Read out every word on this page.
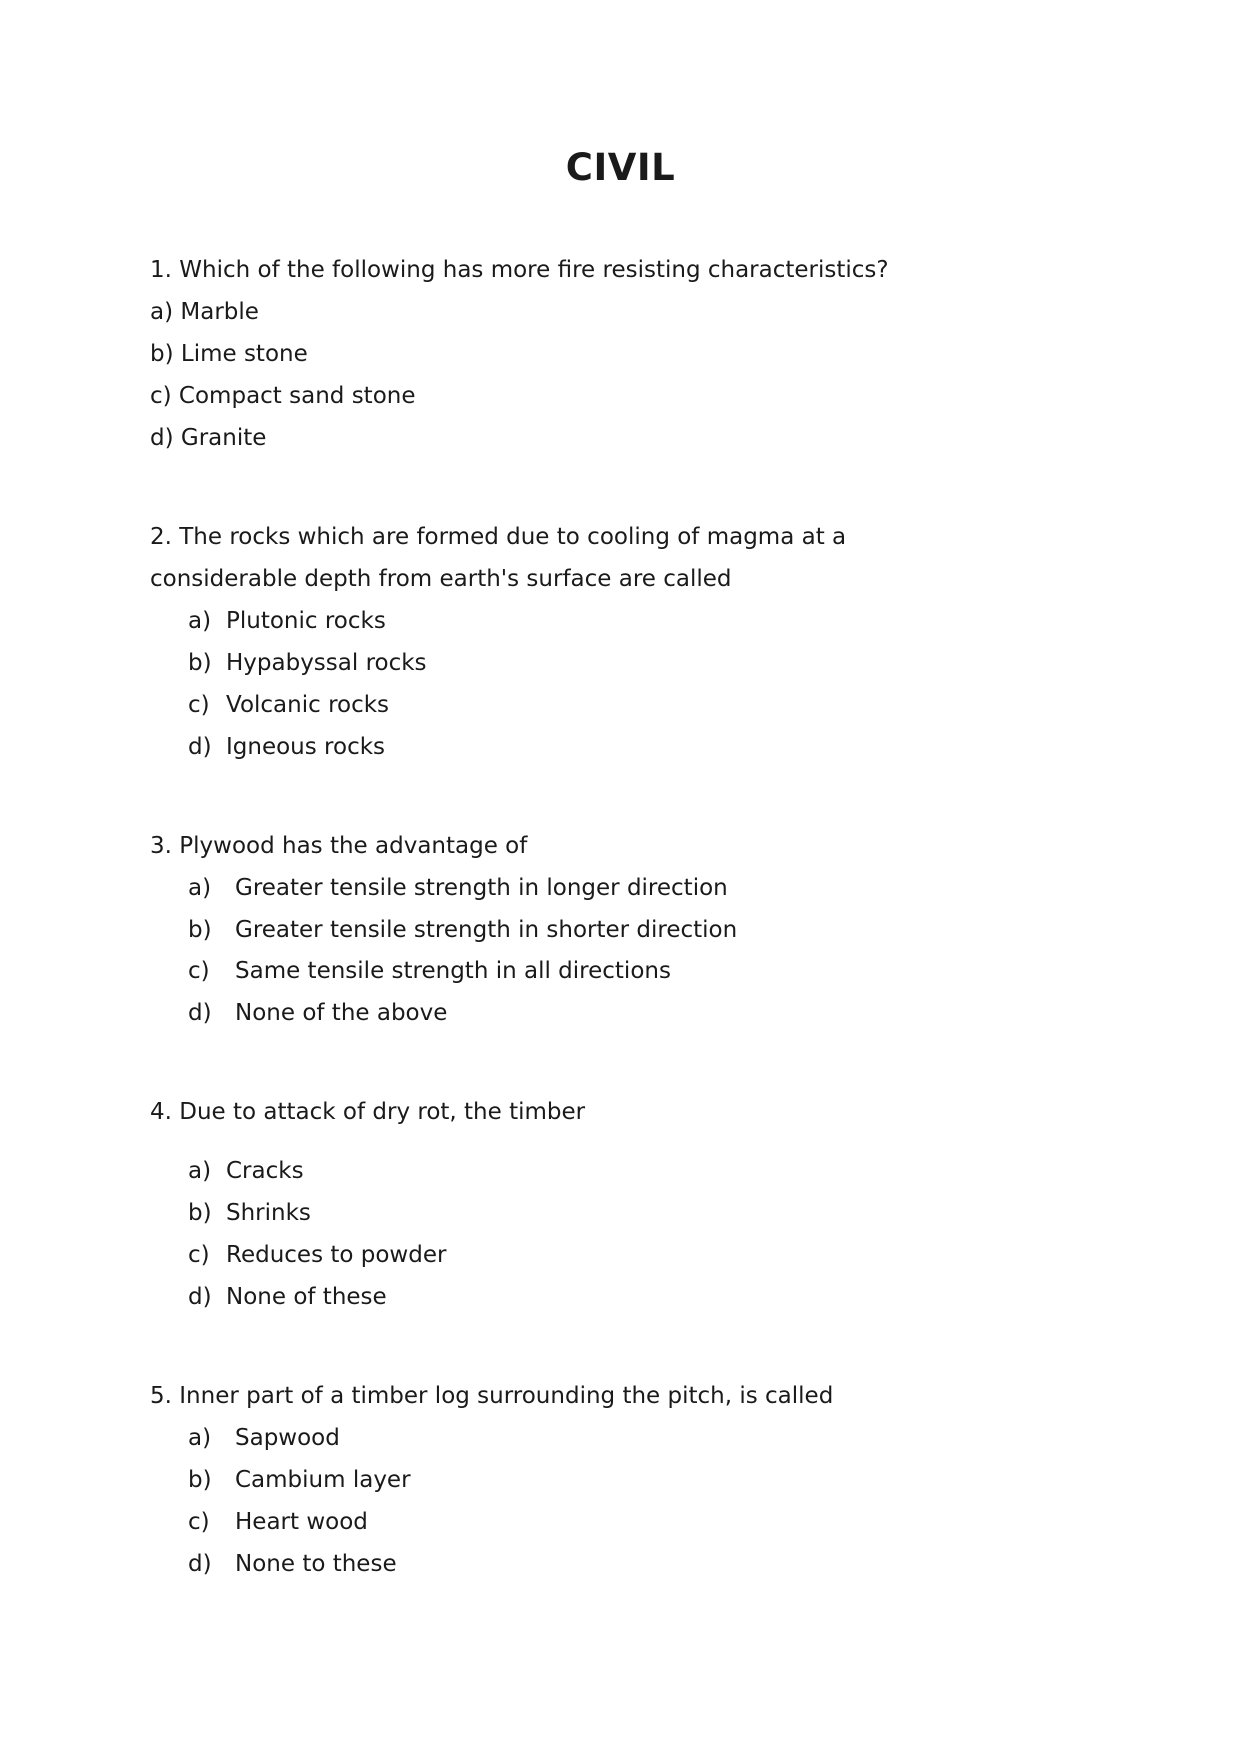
CIVIL
1. Which of the following has more fire resisting characteristics?
a) Marble
b) Lime stone
c) Compact sand stone
d) Granite
2. The rocks which are formed due to cooling of magma at a
considerable depth from earth's surface are called
a) Plutonic rocks
b) Hypabyssal rocks
c) Volcanic rocks
d) Igneous rocks
3. Plywood has the advantage of
a) Greater tensile strength in longer direction
b) Greater tensile strength in shorter direction
c) Same tensile strength in all directions
d) None of the above
4. Due to attack of dry rot, the timber
a) Cracks
b) Shrinks
c) Reduces to powder
d) None of these
5. Inner part of a timber log surrounding the pitch, is called
a) Sapwood
b) Cambium layer
c) Heart wood
d) None to these
